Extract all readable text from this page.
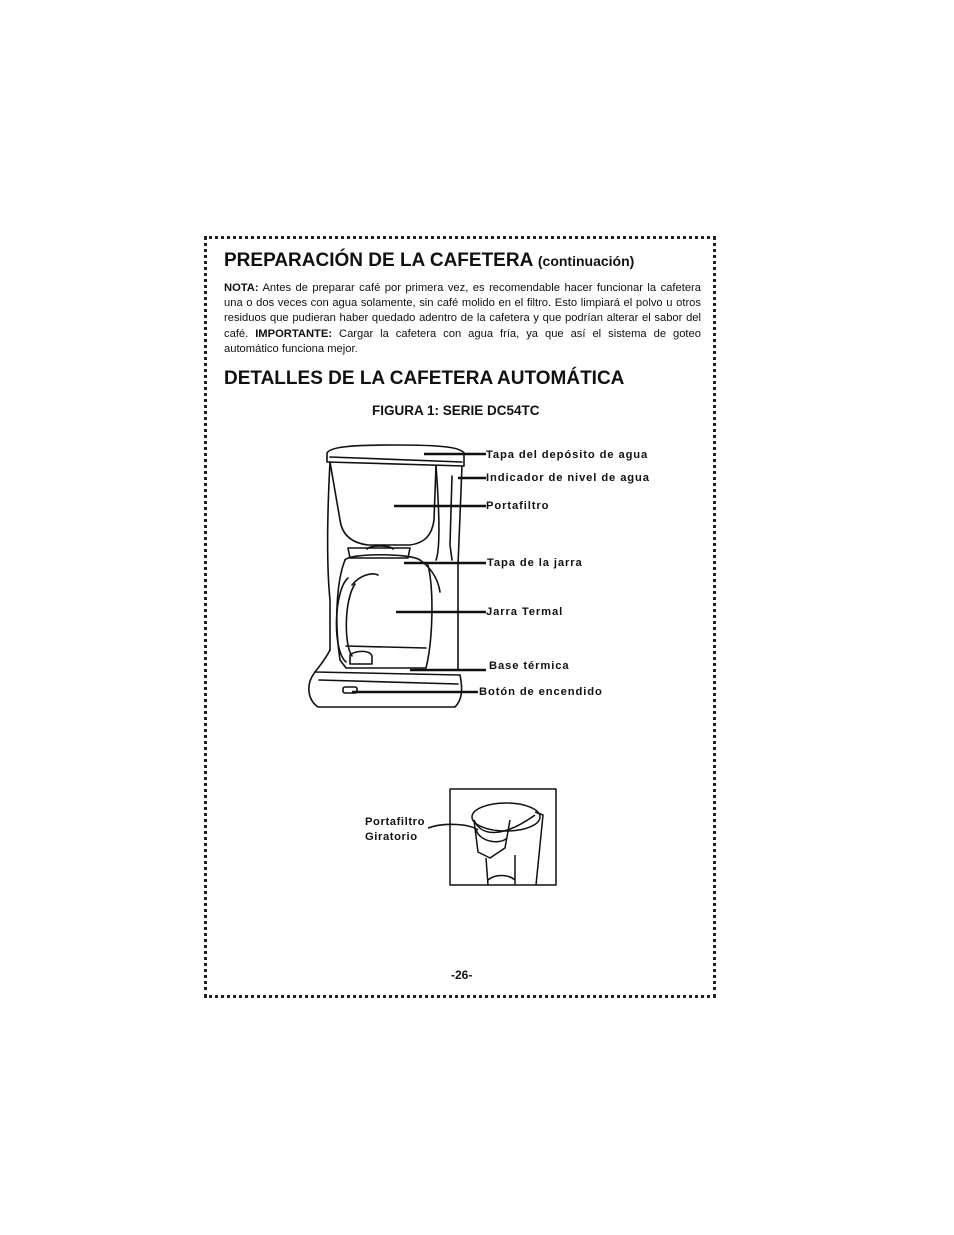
PREPARACIÓN DE LA CAFETERA (continuación)
NOTA: Antes de preparar café por primera vez, es recomendable hacer funcionar la cafetera una o dos veces con agua solamente, sin café molido en el filtro. Esto limpiará el polvo u otros residuos que pudieran haber quedado adentro de la cafetera y que podrían alterar el sabor del café. IMPORTANTE: Cargar la cafetera con agua fría, ya que así el sistema de goteo automático funciona mejor.
DETALLES DE LA CAFETERA AUTOMÁTICA
FIGURA 1: SERIE DC54TC
Tapa del depósito de agua
Indicador de nivel de agua
Portafiltro
Tapa de la jarra
Jarra Termal
Base térmica
Botón de encendido
Portafiltro
Giratorio
-26-
